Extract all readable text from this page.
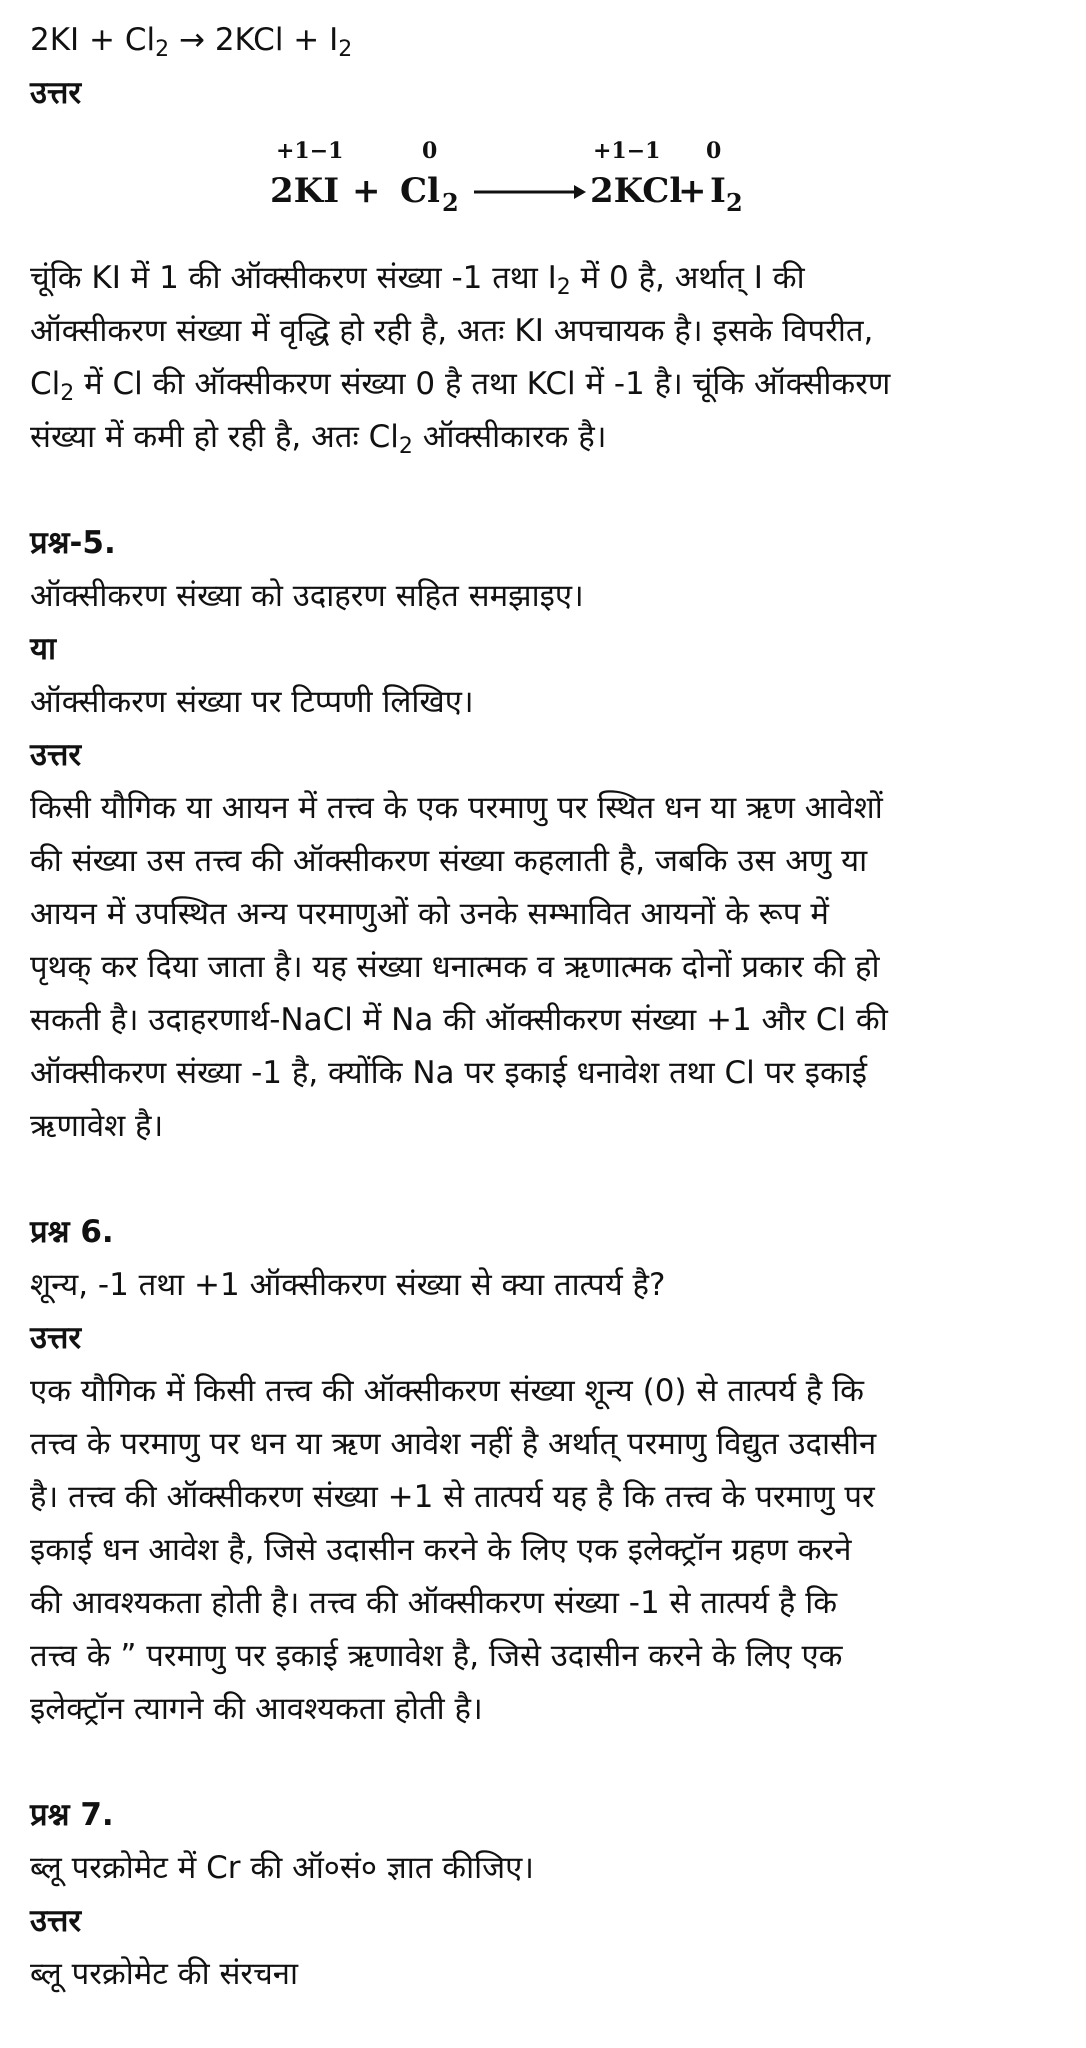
$2KI + Cl_2 \to 2KCl + I_2$
उत्तर
+1−1	0	+1−1 0
2KI + Cl 2	2KCl
+ I 2
चूंकि KI में 1 की ऑक्सीकरण संख्या -1 तथा $I_2$ में 0 है, अर्थात् I की
ऑक्सीकरण संख्या में वृद्धि हो रही है, अतः KI अपचायक है। इसके विपरीत,
$Cl_2$ में Cl की ऑक्सीकरण संख्या 0 है तथा KCl में -1 है। चूंकि ऑक्सीकरण
संख्या में कमी हो रही है, अतः $Cl_2$ ऑक्सीकारक है।
प्रश्न-5.
ऑक्सीकरण संख्या को उदाहरण सहित समझाइए।
या
ऑक्सीकरण संख्या पर टिप्पणी लिखिए।
उत्तर
किसी यौगिक या आयन में तत्त्व के एक परमाणु पर स्थित धन या ऋण आवेशों
की संख्या उस तत्त्व की ऑक्सीकरण संख्या कहलाती है, जबकि उस अणु या
आयन में उपस्थित अन्य परमाणुओं को उनके सम्भावित आयनों के रूप में
पृथक् कर दिया जाता है। यह संख्या धनात्मक व ऋणात्मक दोनों प्रकार की हो
सकती है। उदाहरणार्थ-NaCl में Na की ऑक्सीकरण संख्या +1 और Cl की
ऑक्सीकरण संख्या -1 है, क्योंकि Na पर इकाई धनावेश तथा Cl पर इकाई
ऋणावेश है।
प्रश्न 6.
शून्य, -1 तथा +1 ऑक्सीकरण संख्या से क्या तात्पर्य है?
उत्तर
एक यौगिक में किसी तत्त्व की ऑक्सीकरण संख्या शून्य (0) से तात्पर्य है कि
तत्त्व के परमाणु पर धन या ऋण आवेश नहीं है अर्थात् परमाणु विद्युत उदासीन
है। तत्त्व की ऑक्सीकरण संख्या +1 से तात्पर्य यह है कि तत्त्व के परमाणु पर
इकाई धन आवेश है, जिसे उदासीन करने के लिए एक इलेक्ट्रॉन ग्रहण करने
की आवश्यकता होती है। तत्त्व की ऑक्सीकरण संख्या -1 से तात्पर्य है कि
तत्त्व के ” परमाणु पर इकाई ऋणावेश है, जिसे उदासीन करने के लिए एक
इलेक्ट्रॉन त्यागने की आवश्यकता होती है।
प्रश्न 7.
ब्लू परक्रोमेट में Cr की ऑ०सं० ज्ञात कीजिए।
उत्तर
ब्लू परक्रोमेट की संरचना
